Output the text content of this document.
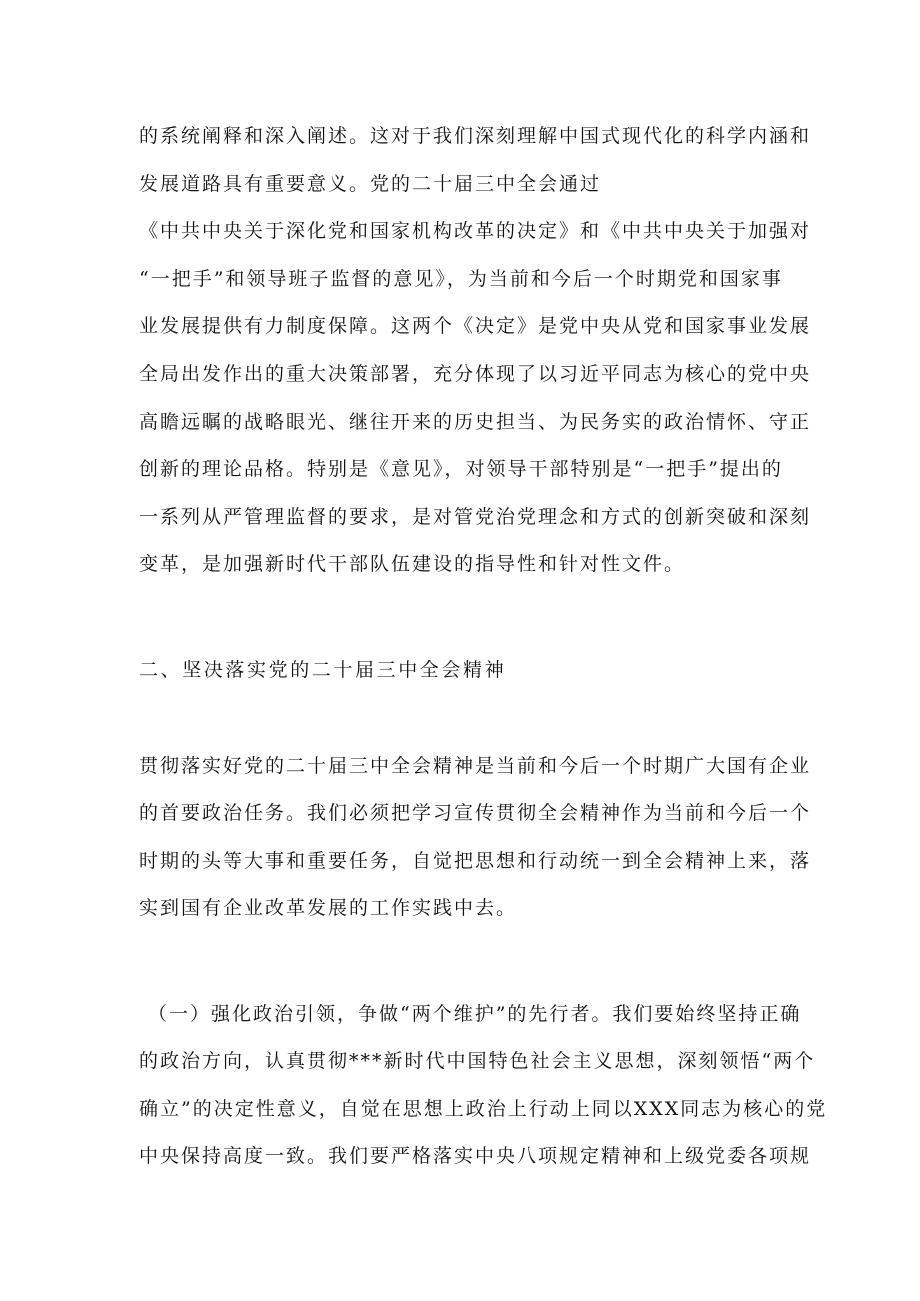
的系统阐释和深入阐述。这对于我们深刻理解中国式现代化的科学内涵和

发展道路具有重要意义。党的二十届三中全会通过

《中共中央关于深化党和国家机构改革的决定》和《中共中央关于加强对

“一把手”和领导班子监督的意见》，为当前和今后一个时期党和国家事

业发展提供有力制度保障。这两个《决定》是党中央从党和国家事业发展

全局出发作出的重大决策部署，充分体现了以习近平同志为核心的党中央

高瞻远瞩的战略眼光、继往开来的历史担当、为民务实的政治情怀、守正

创新的理论品格。特别是《意见》，对领导干部特别是“一把手”提出的

一系列从严管理监督的要求，是对管党治党理念和方式的创新突破和深刻

变革，是加强新时代干部队伍建设的指导性和针对性文件。

二、坚决落实党的二十届三中全会精神

贯彻落实好党的二十届三中全会精神是当前和今后一个时期广大国有企业

的首要政治任务。我们必须把学习宣传贯彻全会精神作为当前和今后一个

时期的头等大事和重要任务，自觉把思想和行动统一到全会精神上来，落

实到国有企业改革发展的工作实践中去。

（一）强化政治引领，争做“两个维护”的先行者。我们要始终坚持正确

的政治方向，认真贯彻***新时代中国特色社会主义思想，深刻领悟“两个

确立”的决定性意义，自觉在思想上政治上行动上同以XXX同志为核心的党

中央保持高度一致。我们要严格落实中央八项规定精神和上级党委各项规
